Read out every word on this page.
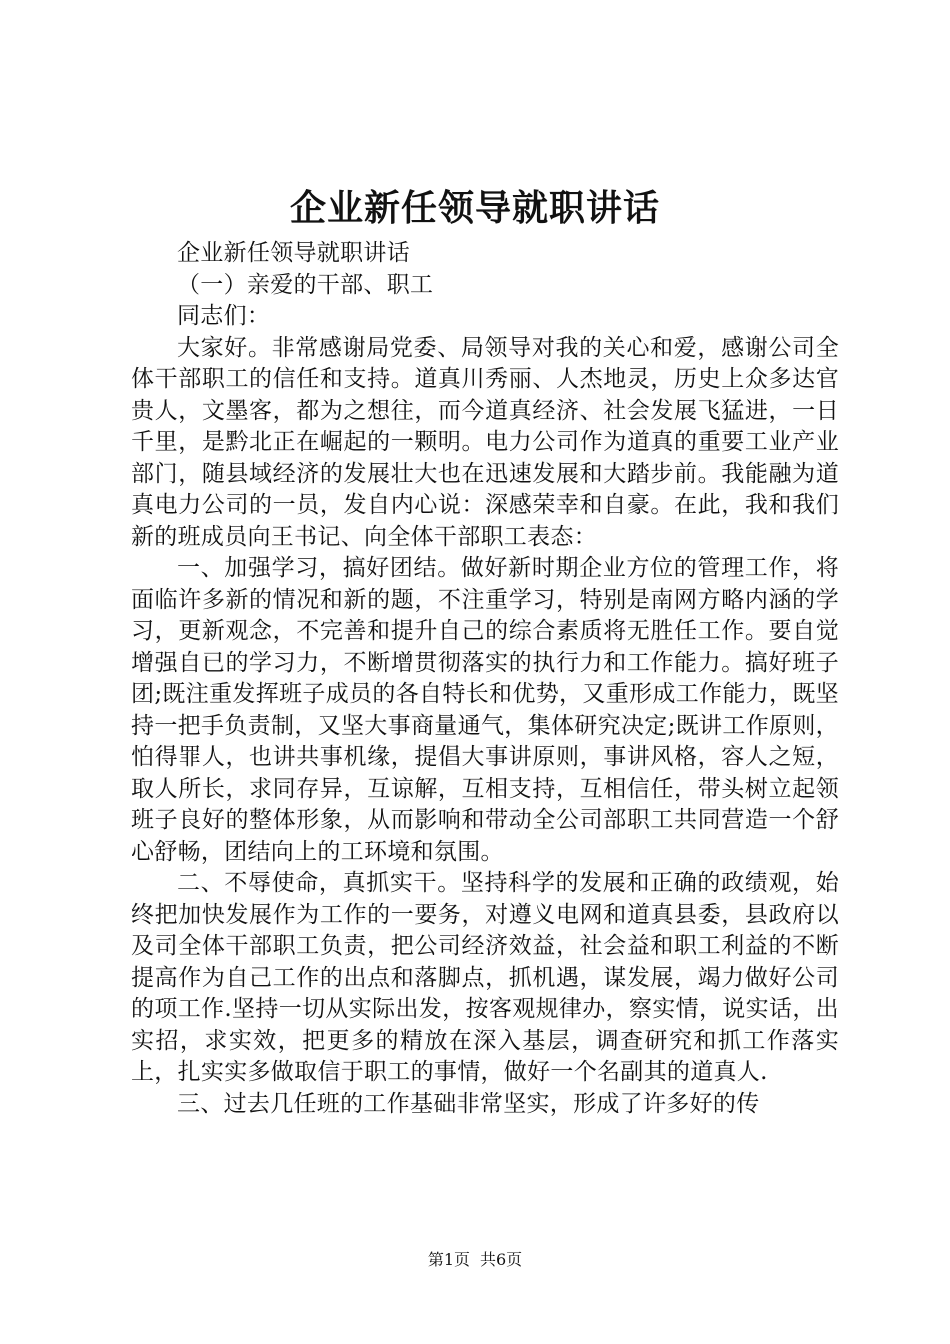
企业新任领导就职讲话

企业新任领导就职讲话

（一）亲爱的干部、职工

同志们：

大家好。非常感谢局党委、局领导对我的关心和爱，感谢公司全体干部职工的信任和支持。道真川秀丽、人杰地灵，历史上众多达官贵人，文墨客，都为之想往，而今道真经济、社会发展飞猛进，一日千里，是黔北正在崛起的一颗明。电力公司作为道真的重要工业产业部门，随县域经济的发展壮大也在迅速发展和大踏步前。我能融为道真电力公司的一员，发自内心说：深感荣幸和自豪。在此，我和我们新的班成员向王书记、向全体干部职工表态：

一、加强学习，搞好团结。做好新时期企业方位的管理工作，将面临许多新的情况和新的题，不注重学习，特别是南网方略内涵的学习，更新观念，不完善和提升自己的综合素质将无胜任工作。要自觉增强自已的学习力，不断增贯彻落实的执行力和工作能力。搞好班子团;既注重发挥班子成员的各自特长和优势，又重形成工作能力，既坚持一把手负责制，又坚大事商量通气，集体研究决定;既讲工作原则，怕得罪人，也讲共事机缘，提倡大事讲原则，事讲风格，容人之短，取人所长，求同存异，互谅解，互相支持，互相信任，带头树立起领班子良好的整体形象，从而影响和带动全公司部职工共同营造一个舒心舒畅，团结向上的工环境和氛围。

二、不辱使命，真抓实干。坚持科学的发展和正确的政绩观，始终把加快发展作为工作的一要务，对遵义电网和道真县委，县政府以及司全体干部职工负责，把公司经济效益，社会益和职工利益的不断提高作为自己工作的出点和落脚点，抓机遇，谋发展，竭力做好公司的项工作.坚持一切从实际出发，按客观规律办，察实情，说实话，出实招，求实效，把更多的精放在深入基层，调查研究和抓工作落实上，扎实实多做取信于职工的事情，做好一个名副其的道真人.

三、过去几任班的工作基础非常坚实，形成了许多好的传

第1页 共6页
